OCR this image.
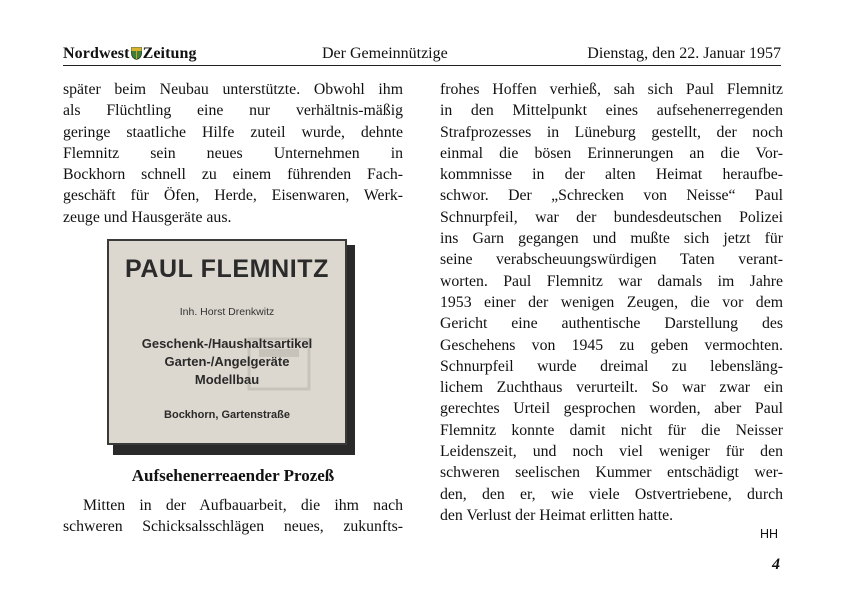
Nordwest Zeitung	Der Gemeinnützige	Dienstag, den 22. Januar 1957
später beim Neubau unterstützte. Obwohl ihm
als Flüchtling eine nur verhältnis-mäßig
geringe staatliche Hilfe zuteil wurde, dehnte
Flemnitz sein neues Unternehmen in
Bockhorn schnell zu einem führenden Fach-
geschäft für Öfen, Herde, Eisenwaren, Werk-
zeuge und Hausgeräte aus.
PAUL FLEMNITZ
Inh. Horst Drenkwitz
Geschenk-/Haushaltsartikel
Garten-/Angelgeräte
Modellbau
Bockhorn, Gartenstraße
Aufsehenerreaender Prozeß
Mitten in der Aufbauarbeit, die ihm nach
schweren Schicksalsschlägen neues, zukunfts-
frohes Hoffen verhieß, sah sich Paul Flemnitz
in den Mittelpunkt eines aufsehenerregenden
Strafprozesses in Lüneburg gestellt, der noch
einmal die bösen Erinnerungen an die Vor-
kommnisse in der alten Heimat heraufbe-
schwor. Der „Schrecken von Neisse“ Paul
Schnurpfeil, war der bundesdeutschen Polizei
ins Garn gegangen und mußte sich jetzt für
seine verabscheuungswürdigen Taten verant-
worten. Paul Flemnitz war damals im Jahre
1953 einer der wenigen Zeugen, die vor dem
Gericht eine authentische Darstellung des
Geschehens von 1945 zu geben vermochten.
Schnurpfeil wurde dreimal zu lebensläng-
lichem Zuchthaus verurteilt. So war zwar ein
gerechtes Urteil gesprochen worden, aber Paul
Flemnitz konnte damit nicht für die Neisser
Leidenszeit, und noch viel weniger für den
schweren seelischen Kummer entschädigt wer-
den, den er, wie viele Ostvertriebene, durch
den Verlust der Heimat erlitten hatte.
HH
4
